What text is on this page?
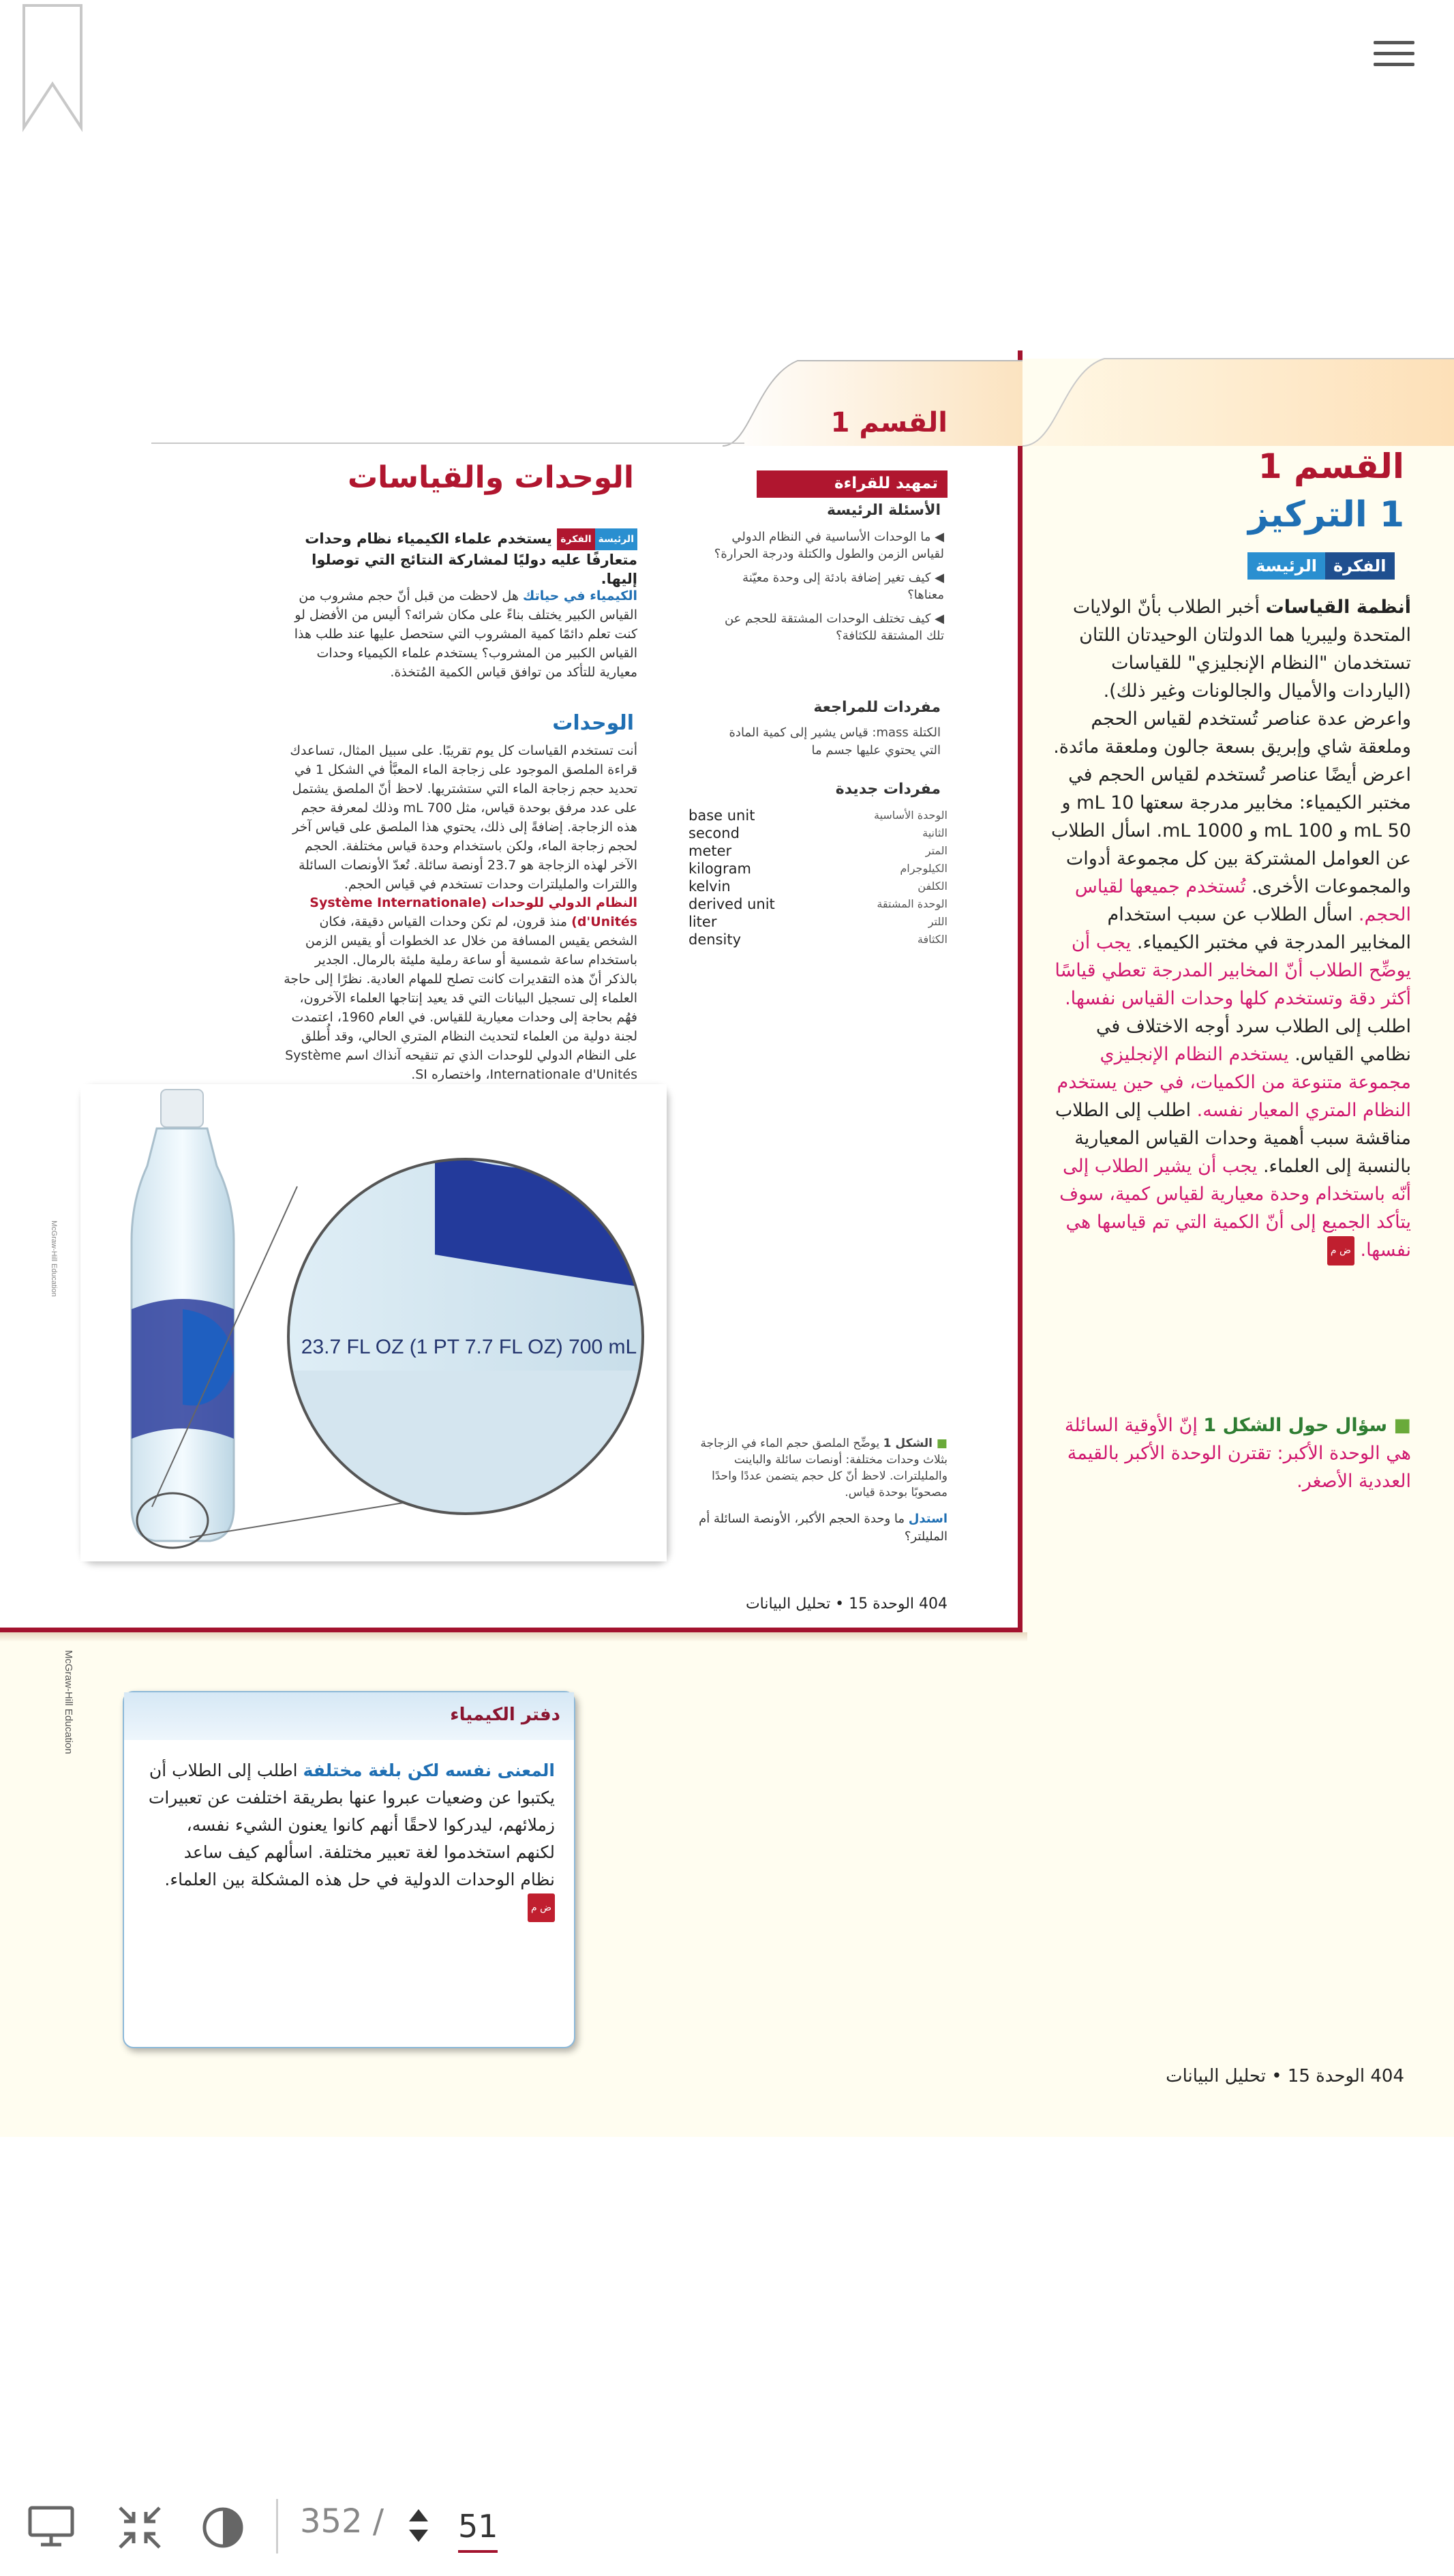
القسم 1
1 التركيز
الرئيسة	الفكرة
أنظمة القياسات أخبر الطلاب بأنّ الولايات المتحدة وليبريا هما الدولتان الوحيدتان اللتان تستخدمان "النظام الإنجليزي" للقياسات (الياردات والأميال والجالونات وغير ذلك). واعرض عدة عناصر تُستخدم لقياس الحجم وملعقة شاي وإبريق بسعة جالون وملعقة مائدة. اعرض أيضًا عناصر تُستخدم لقياس الحجم في مختبر الكيمياء: مخابير مدرجة سعتها 10 mL و 50 mL و 100 mL و 1000 mL. اسأل الطلاب عن العوامل المشتركة بين كل مجموعة أدوات والمجموعات الأخرى. تُستخدم جميعها لقياس الحجم. اسأل الطلاب عن سبب استخدام المخابير المدرجة في مختبر الكيمياء. يجب أن يوضِّح الطلاب أنّ المخابير المدرجة تعطي قياسًا أكثر دقة وتستخدم كلها وحدات القياس نفسها. اطلب إلى الطلاب سرد أوجه الاختلاف في نظامي القياس. يستخدم النظام الإنجليزي مجموعة متنوعة من الكميات، في حين يستخدم النظام المتري المعيار نفسه. اطلب إلى الطلاب مناقشة سبب أهمية وحدات القياس المعيارية بالنسبة إلى العلماء. يجب أن يشير الطلاب إلى أنّه باستخدام وحدة معيارية لقياس كمية، سوف يتأكد الجميع إلى أنّ الكمية التي تم قياسها هي نفسها. ض م
■ سؤال حول الشكل 1 إنّ الأوقية السائلة هي الوحدة الأكبر: تقترن الوحدة الأكبر بالقيمة العددية الأصغر.
404 الوحدة 15 • تحليل البيانات
القسم 1
الوحدات والقياسات	تمهيد للقراءة
الأسئلة الرئيسة
◀ ما الوحدات الأساسية في النظام الدولي لقياس الزمن والطول والكتلة ودرجة الحرارة؟
◀ كيف تغير إضافة بادئة إلى وحدة معيّنة معناها؟
◀ كيف تختلف الوحدات المشتقة للحجم عن تلك المشتقة للكثافة؟
مفردات للمراجعة
الكتلة mass: قياس يشير إلى كمية المادة التي يحتوي عليها جسم ما
مفردات جديدة
base unit	الوحدة الأساسية
second	الثانية
meter	المتر
kilogram	الكيلوجرام
kelvin	الكلفن
derived unit	الوحدة المشتقة
liter	اللتر
density	الكثافة
الرئيسة
الفكرة
يستخدم علماء الكيمياء نظام وحدات متعارفًا عليه دوليًا لمشاركة النتائج التي توصلوا إليها.
الكيمياء في حياتك هل لاحظت من قبل أنّ حجم مشروب من القياس الكبير يختلف بناءً على مكان شرائه؟ أليس من الأفضل لو كنت تعلم دائمًا كمية المشروب التي ستحصل عليها عند طلب هذا القياس الكبير من المشروب؟ يستخدم علماء الكيمياء وحدات معيارية للتأكد من توافق قياس الكمية المُتخذة.
الوحدات
أنت تستخدم القياسات كل يوم تقريبًا. على سبيل المثال، تساعدك قراءة الملصق الموجود على زجاجة الماء المعبَّأ في الشكل 1 في تحديد حجم زجاجة الماء التي ستشتريها. لاحظ أنّ الملصق يشتمل على عدد مرفق بوحدة قياس، مثل 700 mL وذلك لمعرفة حجم هذه الزجاجة. إضافةً إلى ذلك، يحتوي هذا الملصق على قياس آخر لحجم زجاجة الماء، ولكن باستخدام وحدة قياس مختلفة. الحجم الآخر لهذه الزجاجة هو 23.7 أونصة سائلة. تُعدّ الأونصات السائلة واللترات والمليلترات وحدات تستخدم في قياس الحجم.
النظام الدولي للوحدات (Système Internationale d'Unités) منذ قرون، لم تكن وحدات القياس دقيقة، فكان الشخص يقيس المسافة من خلال عد الخطوات أو يقيس الزمن باستخدام ساعة شمسية أو ساعة رملية مليئة بالرمال. الجدير بالذكر أنّ هذه التقديرات كانت تصلح للمهام العادية. نظرًا إلى حاجة العلماء إلى تسجيل البيانات التي قد يعيد إنتاجها العلماء الآخرون، فهُم بحاجة إلى وحدات معيارية للقياس. في العام 1960، اعتمدت لجنة دولية من العلماء لتحديث النظام المتري الحالي، وقد أُطلق على النظام الدولي للوحدات الذي تم تنقيحه آنذاك اسم Système Internationale d'Unités، واختصاره SI.
23.7 FL OZ (1 PT 7.7 FL OZ) 700 mL
■ الشكل 1 يوضِّح الملصق حجم الماء في الزجاجة بثلاث وحدات مختلفة: أونصات سائلة والباينت والمليلترات. لاحظ أنّ كل حجم يتضمن عددًا واحدًا مصحوبًا بوحدة قياس.
استدل ما وحدة الحجم الأكبر، الأونصة السائلة أم المليلتر؟
404 الوحدة 15 • تحليل البيانات
McGraw-Hill Education
دفتر الكيمياء
المعنى نفسه لكن بلغة مختلفة اطلب إلى الطلاب أن يكتبوا عن وضعيات عبروا عنها بطريقة اختلفت عن تعبيرات زملائهم، ليدركوا لاحقًا أنهم كانوا يعنون الشيء نفسه، لكنهم استخدموا لغة تعبير مختلفة. اسألهم كيف ساعد نظام الوحدات الدولية في حل هذه المشكلة بين العلماء. ض م
McGraw-Hill Education
352 /
51
